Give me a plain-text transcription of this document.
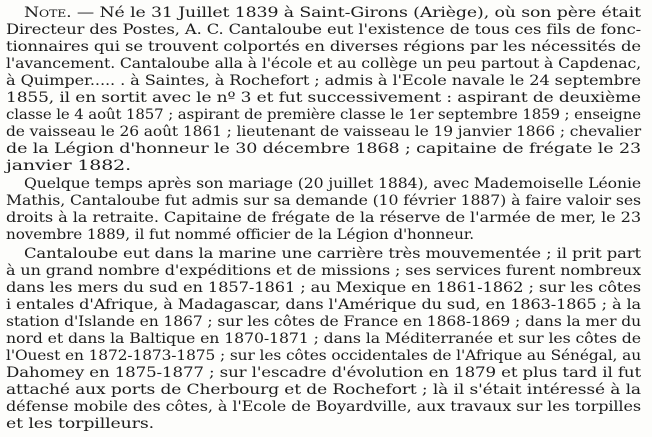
Note. — Né le 31 Juillet 1839 à Saint-Girons (Ariège), où son père était
Directeur des Postes, A. C. Cantaloube eut l'existence de tous ces fils de fonc-
tionnaires qui se trouvent colportés en diverses régions par les nécessités de
l'avancement. Cantaloube alla à l'école et au collège un peu partout à Capdenac,
à Quimper..... . à Saintes, à Rochefort ; admis à l'Ecole navale le 24 septembre
1855, il en sortit avec le nº 3 et fut successivement : aspirant de deuxième
classe le 4 août 1857 ; aspirant de première classe le 1er septembre 1859 ; enseigne
de vaisseau le 26 août 1861 ; lieutenant de vaisseau le 19 janvier 1866 ; chevalier
de la Légion d'honneur le 30 décembre 1868 ; capitaine de frégate le 23
janvier 1882.
Quelque temps après son mariage (20 juillet 1884), avec Mademoiselle Léonie
Mathis, Cantaloube fut admis sur sa demande (10 février 1887) à faire valoir ses
droits à la retraite. Capitaine de frégate de la réserve de l'armée de mer, le 23
novembre 1889, il fut nommé officier de la Légion d'honneur.
Cantaloube eut dans la marine une carrière très mouvementée ; il prit part
à un grand nombre d'expéditions et de missions ; ses services furent nombreux
dans les mers du sud en 1857-1861 ; au Mexique en 1861-1862 ; sur les côtes
i entales d'Afrique, à Madagascar, dans l'Amérique du sud, en 1863-1865 ; à la
station d'Islande en 1867 ; sur les côtes de France en 1868-1869 ; dans la mer du
nord et dans la Baltique en 1870-1871 ; dans la Méditerranée et sur les côtes de
l'Ouest en 1872-1873-1875 ; sur les côtes occidentales de l'Afrique au Sénégal, au
Dahomey en 1875-1877 ; sur l'escadre d'évolution en 1879 et plus tard il fut
attaché aux ports de Cherbourg et de Rochefort ; là il s'était intéressé à la
défense mobile des côtes, à l'Ecole de Boyardville, aux travaux sur les torpilles
et les torpilleurs.
